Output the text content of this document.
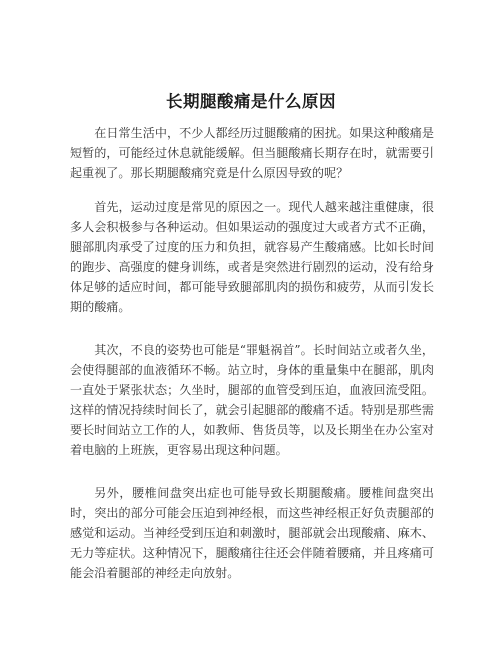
长期腿酸痛是什么原因

在日常生活中，不少人都经历过腿酸痛的困扰。如果这种酸痛是短暂的，可能经过休息就能缓解。但当腿酸痛长期存在时，就需要引起重视了。那长期腿酸痛究竟是什么原因导致的呢？

首先，运动过度是常见的原因之一。现代人越来越注重健康，很多人会积极参与各种运动。但如果运动的强度过大或者方式不正确，腿部肌肉承受了过度的压力和负担，就容易产生酸痛感。比如长时间的跑步、高强度的健身训练，或者是突然进行剧烈的运动，没有给身体足够的适应时间，都可能导致腿部肌肉的损伤和疲劳，从而引发长期的酸痛。

其次，不良的姿势也可能是“罪魁祸首”。长时间站立或者久坐，会使得腿部的血液循环不畅。站立时，身体的重量集中在腿部，肌肉一直处于紧张状态；久坐时，腿部的血管受到压迫，血液回流受阻。这样的情况持续时间长了，就会引起腿部的酸痛不适。特别是那些需要长时间站立工作的人，如教师、售货员等，以及长期坐在办公室对着电脑的上班族，更容易出现这种问题。

另外，腰椎间盘突出症也可能导致长期腿酸痛。腰椎间盘突出时，突出的部分可能会压迫到神经根，而这些神经根正好负责腿部的感觉和运动。当神经受到压迫和刺激时，腿部就会出现酸痛、麻木、无力等症状。这种情况下，腿酸痛往往还会伴随着腰痛，并且疼痛可能会沿着腿部的神经走向放射。
